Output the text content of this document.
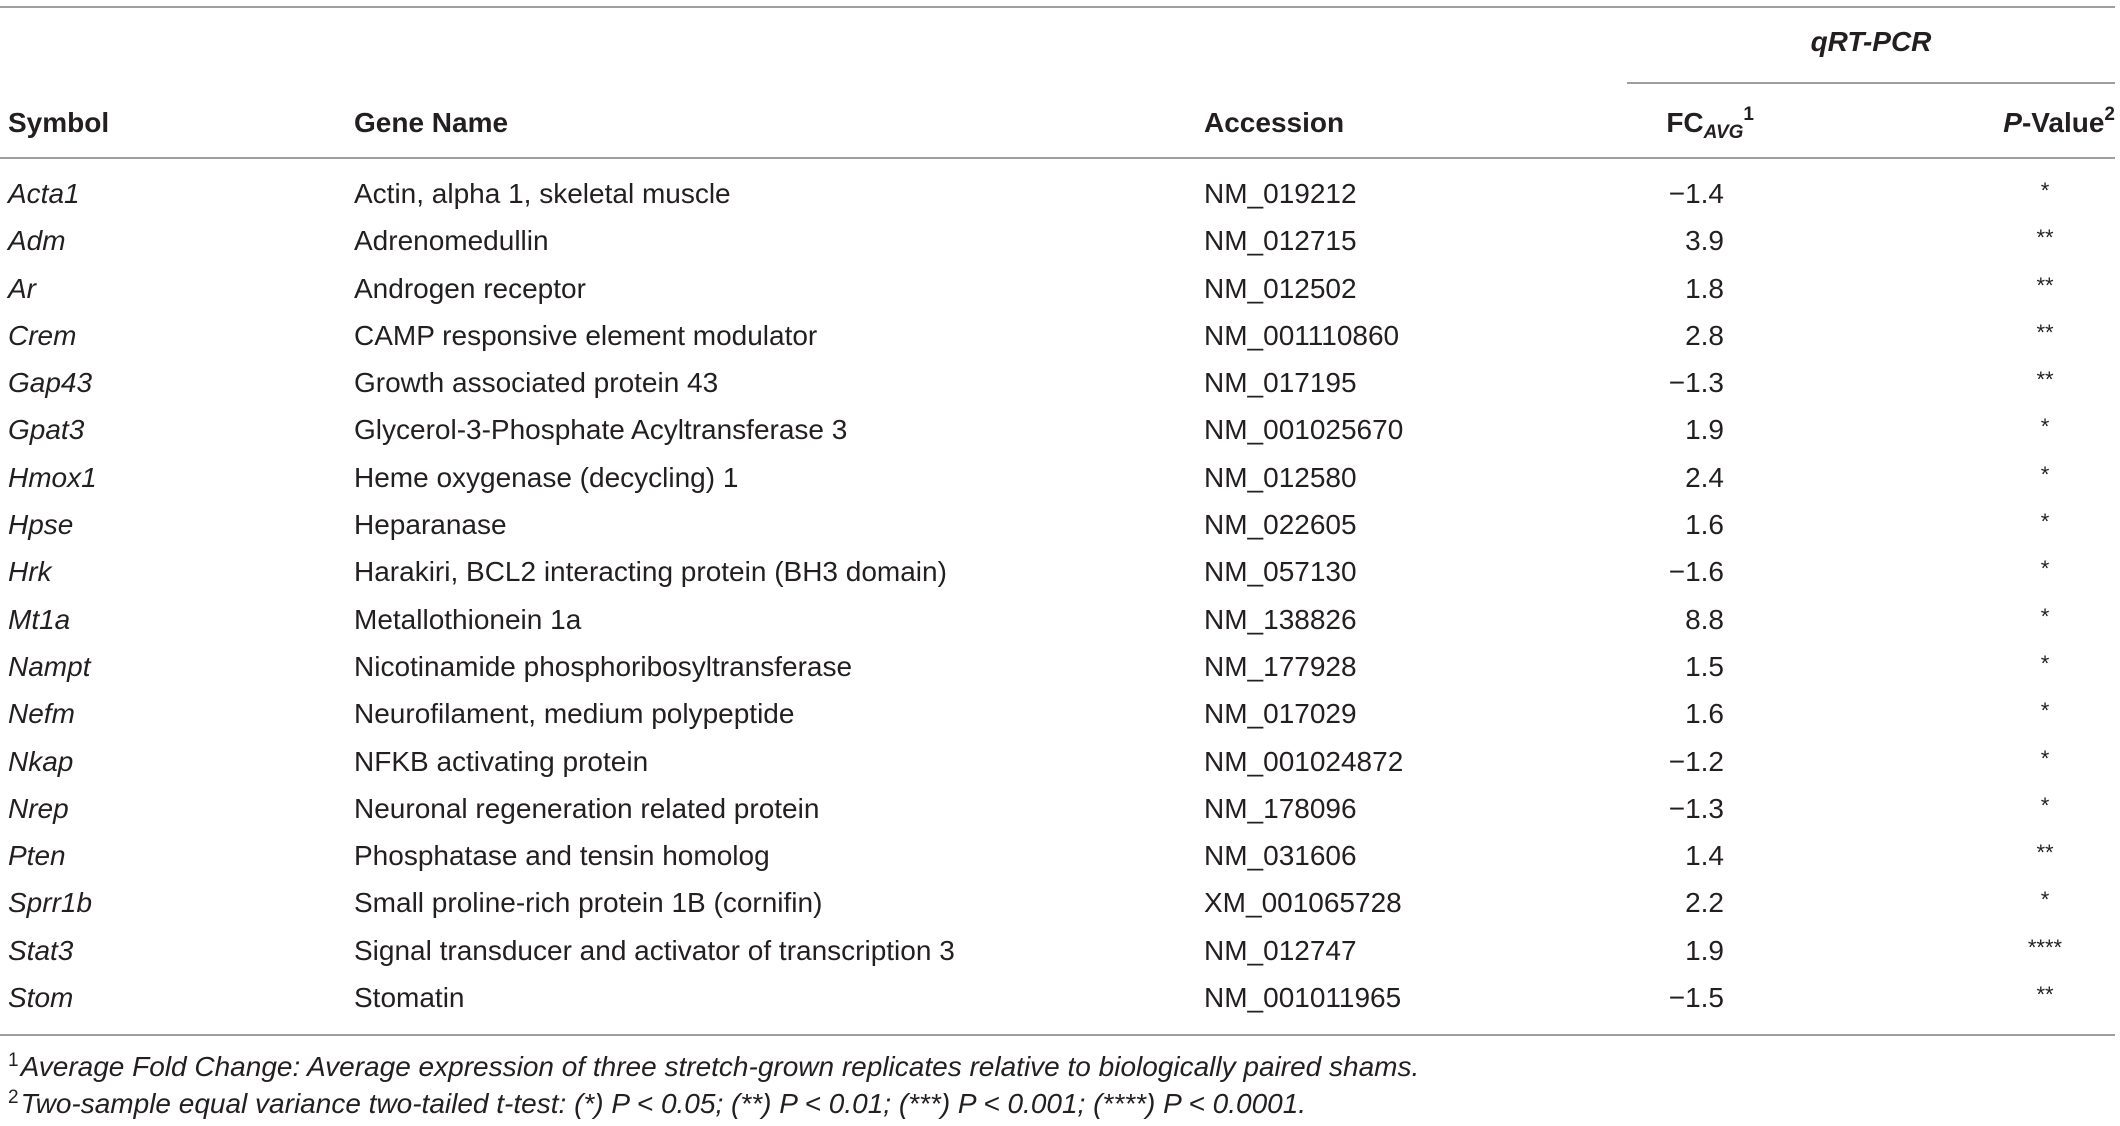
qRT-PCR
Symbol	Gene Name	Accession	$FC_{AVG}^1$	P-Value$^2$
Acta1	Actin, alpha 1, skeletal muscle	NM_019212	−1.4	*
Adm	Adrenomedullin	NM_012715	3.9	**
Ar	Androgen receptor	NM_012502	1.8	**
Crem	CAMP responsive element modulator	NM_001110860	2.8	**
Gap43	Growth associated protein 43	NM_017195	−1.3	**
Gpat3	Glycerol-3-Phosphate Acyltransferase 3	NM_001025670	1.9	*
Hmox1	Heme oxygenase (decycling) 1	NM_012580	2.4	*
Hpse	Heparanase	NM_022605	1.6	*
Hrk	Harakiri, BCL2 interacting protein (BH3 domain)	NM_057130	−1.6	*
Mt1a	Metallothionein 1a	NM_138826	8.8	*
Nampt	Nicotinamide phosphoribosyltransferase	NM_177928	1.5	*
Nefm	Neurofilament, medium polypeptide	NM_017029	1.6	*
Nkap	NFKB activating protein	NM_001024872	−1.2	*
Nrep	Neuronal regeneration related protein	NM_178096	−1.3	*
Pten	Phosphatase and tensin homolog	NM_031606	1.4	**
Sprr1b	Small proline-rich protein 1B (cornifin)	XM_001065728	2.2	*
Stat3	Signal transducer and activator of transcription 3	NM_012747	1.9	****
Stom	Stomatin	NM_001011965	−1.5	**
$^1$Average Fold Change: Average expression of three stretch-grown replicates relative to biologically paired shams.
$^2$Two-sample equal variance two-tailed t-test: (*) P < 0.05; (**) P < 0.01; (***) P < 0.001; (****) P < 0.0001.
